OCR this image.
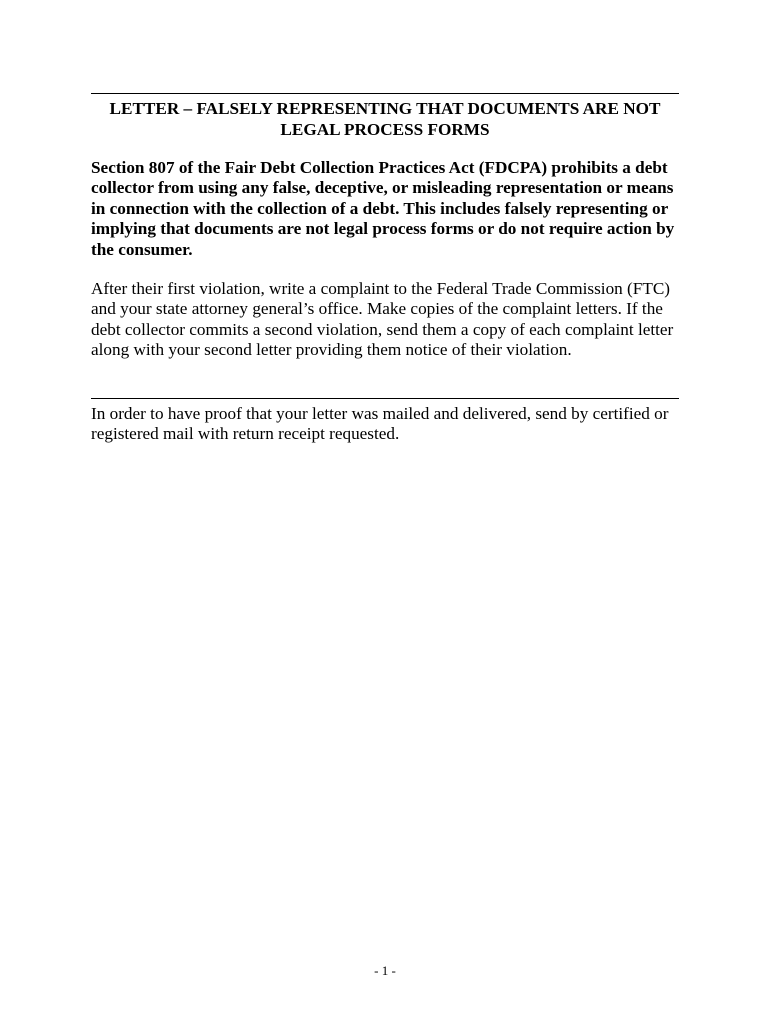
LETTER – FALSELY REPRESENTING THAT DOCUMENTS ARE NOT LEGAL PROCESS FORMS
Section 807 of the Fair Debt Collection Practices Act (FDCPA) prohibits a debt collector from using any false, deceptive, or misleading representation or means in connection with the collection of a debt. This includes falsely representing or implying that documents are not legal process forms or do not require action by the consumer.
After their first violation, write a complaint to the Federal Trade Commission (FTC) and your state attorney general’s office. Make copies of the complaint letters. If the debt collector commits a second violation, send them a copy of each complaint letter along with your second letter providing them notice of their violation.
In order to have proof that your letter was mailed and delivered, send by certified or registered mail with return receipt requested.
- 1 -
